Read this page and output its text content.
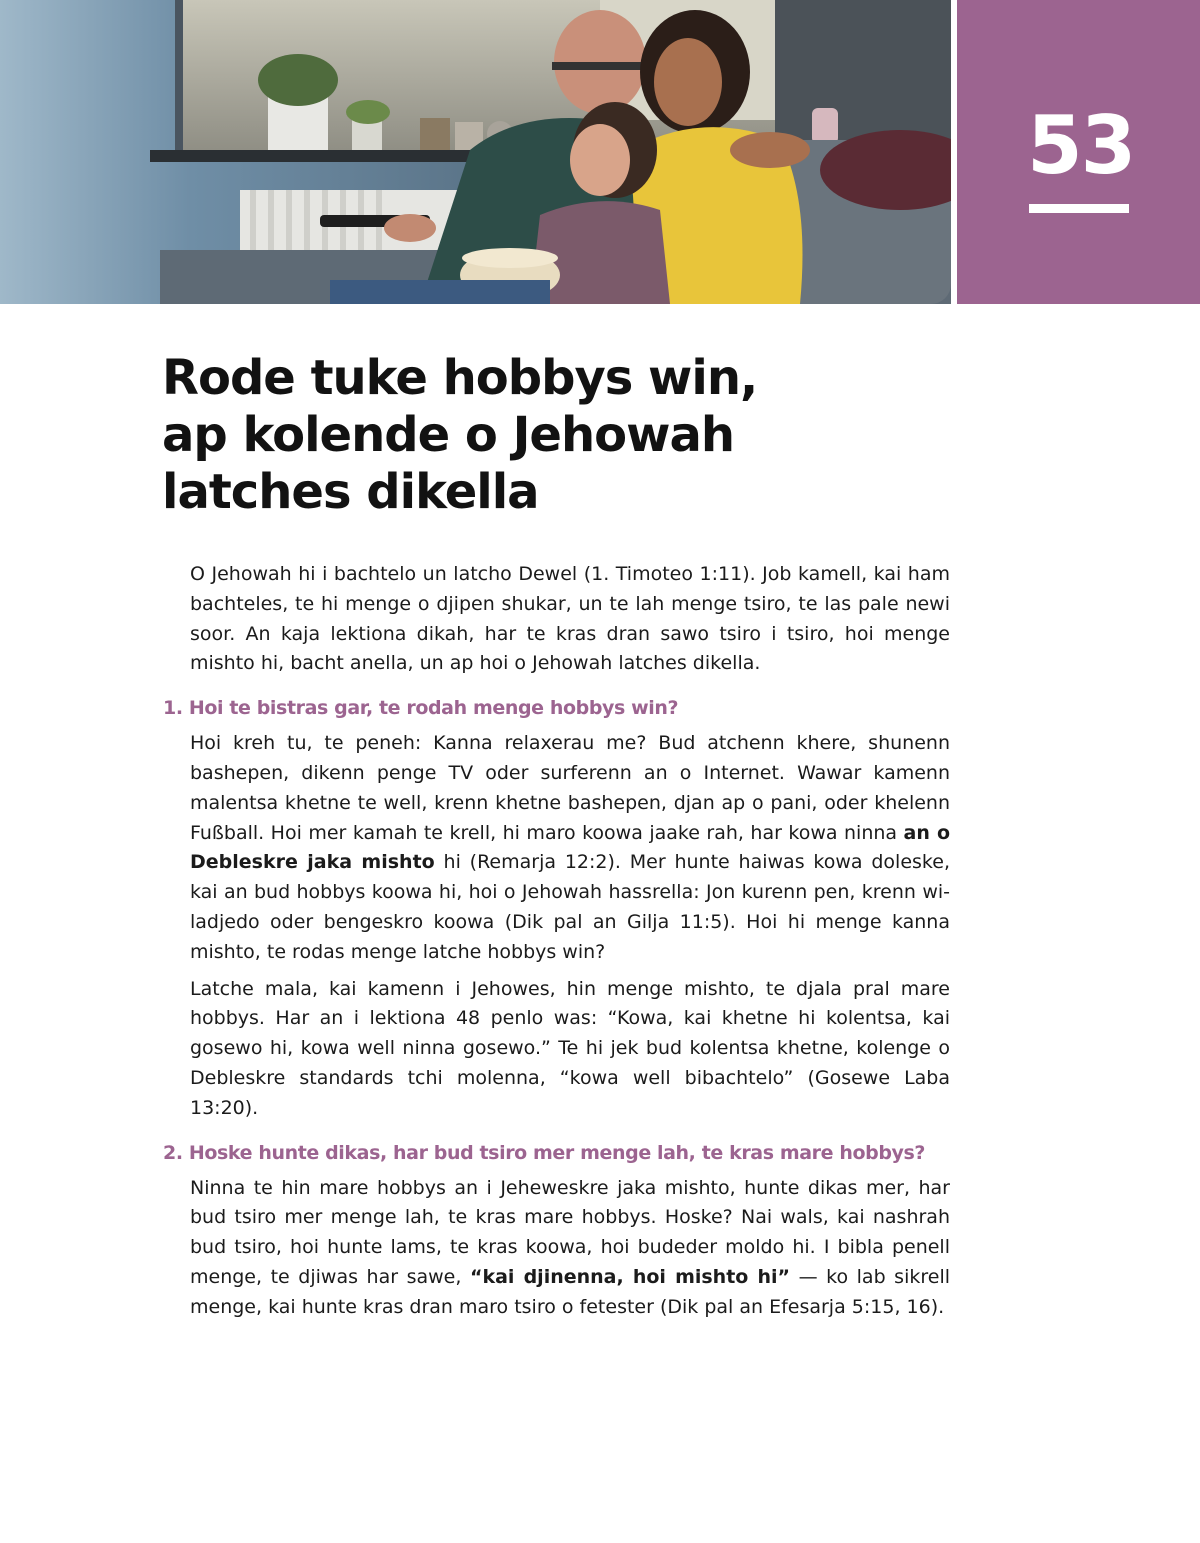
53
Rode tuke hobbys win,
ap kolende o Jehowah
latches dikella

O Jehowah hi i bachtelo un latcho Dewel (1. Timoteo 1:11). Job kamell, kai ham bachteles, te hi menge o djipen shukar, un te lah menge tsiro, te las pale newi soor. An kaja lektiona dikah, har te kras dran sawo tsiro i tsiro, hoi menge mishto hi, bacht anella, un ap hoi o Jehowah latches dikella.

1. Hoi te bistras gar, te rodah menge hobbys win?

Hoi kreh tu, te peneh: Kanna relaxerau me? Bud atchenn khere, shunenn bashepen, dikenn penge TV oder surferenn an o Internet. Wawar kamenn malentsa khetne te well, krenn khetne bashepen, djan ap o pani, oder khelenn Fußball. Hoi mer kamah te krell, hi maro koowa jaake rah, har kowa ninna an o Debleskre jaka mishto hi (Remarja 12:2). Mer hunte haiwas kowa doleske, kai an bud hobbys koowa hi, hoi o Jehowah hassrella: Jon kurenn pen, krenn wi-ladjedo oder bengeskro koowa (Dik pal an Gilja 11:5). Hoi hi menge kanna mishto, te rodas menge latche hobbys win?

Latche mala, kai kamenn i Jehowes, hin menge mishto, te djala pral mare hobbys. Har an i lektiona 48 penlo was: “Kowa, kai khetne hi kolentsa, kai gosewo hi, kowa well ninna gosewo.” Te hi jek bud kolentsa khetne, kolenge o Debleskre standards tchi molenna, “kowa well bibachtelo” (Gosewe Laba 13:20).

2. Hoske hunte dikas, har bud tsiro mer menge lah, te kras mare hobbys?

Ninna te hin mare hobbys an i Jeheweskre jaka mishto, hunte dikas mer, har bud tsiro mer menge lah, te kras mare hobbys. Hoske? Nai wals, kai nashrah bud tsiro, hoi hunte lams, te kras koowa, hoi budeder moldo hi. I bibla penell menge, te djiwas har sawe, “kai djinenna, hoi mishto hi” — ko lab sikrell menge, kai hunte kras dran maro tsiro o fetester (Dik pal an Efesarja 5:15, 16).
